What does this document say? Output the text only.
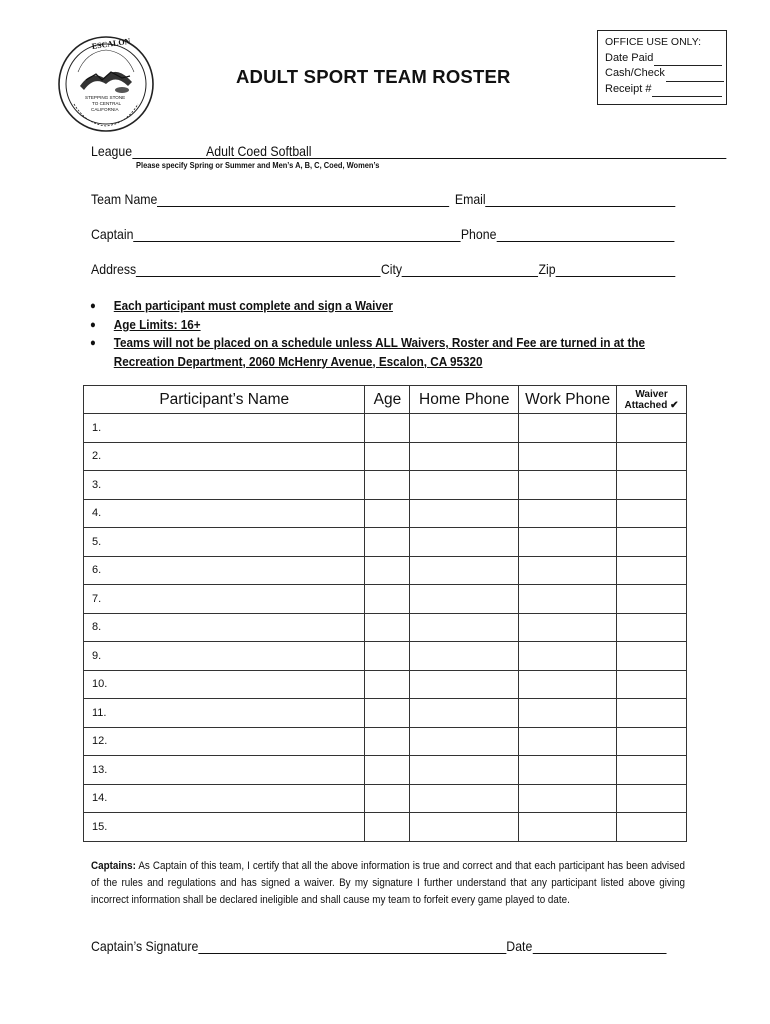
ESCALON
STEPPING STONE
TO CENTRAL
CALIFORNIA
ADULT SPORT TEAM ROSTER
OFFICE USE ONLY:
Date Paid
Cash/Check
Receipt #
League	Adult Coed Softball
Please specify Spring or Summer and Men’s A, B, C, Coed, Women’s
Team Name	Email
Captain	Phone
Address	City	Zip
●	Each participant must complete and sign a Waiver
●	Age Limits: 16+
●	Teams will not be placed on a schedule unless ALL Waivers, Roster and Fee are turned in at the
Recreation Department, 2060 McHenry Avenue, Escalon, CA 95320
Participant’s Name	Age	Home Phone	Work Phone	Waiver
Attached ✔

1.				
2.				
3.				
4.				
5.				
6.				
7.				
8.				
9.				
10.				
11.				
12.				
13.				
14.				
15.				
Captains: As Captain of this team, I certify that all the above information is true and correct and that each participant has been advised of the rules and regulations and has signed a waiver. By my signature I further understand that any participant listed above giving incorrect information shall be declared ineligible and shall cause my team to forfeit every game played to date.
Captain’s Signature	Date
